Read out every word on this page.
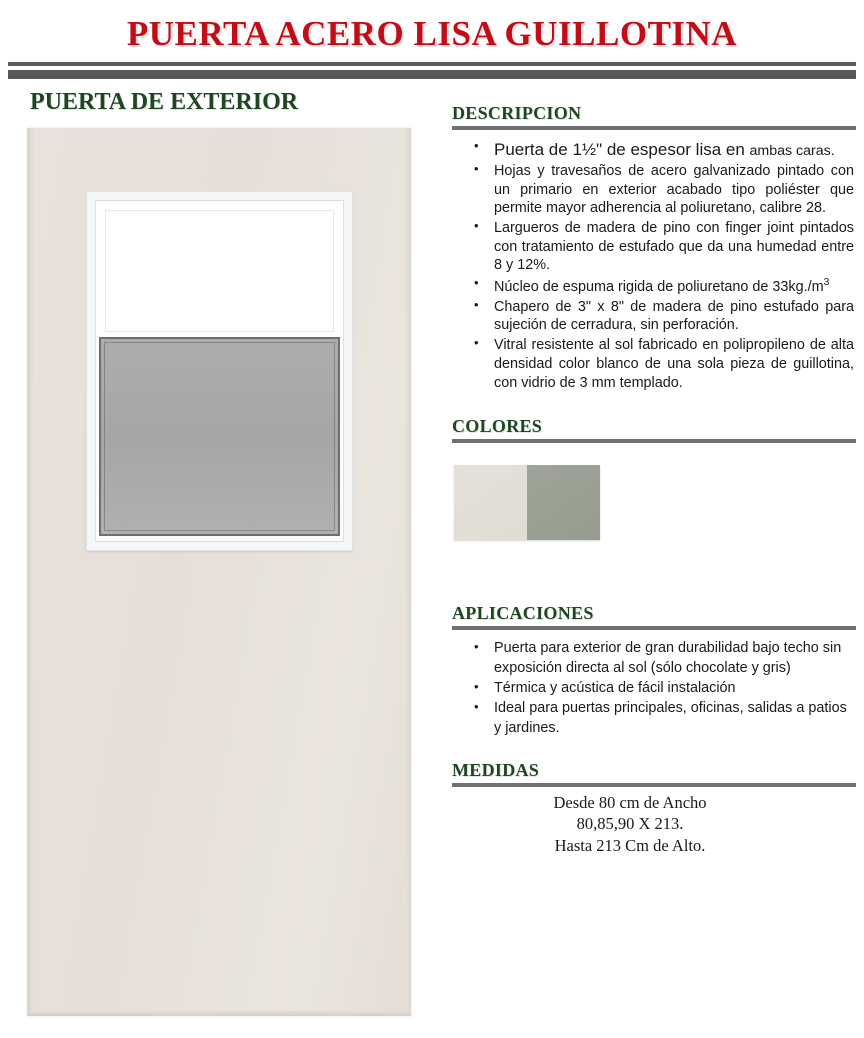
PUERTA ACERO LISA GUILLOTINA
PUERTA DE EXTERIOR	DESCRIPCION
• Puerta de 1½" de espesor lisa en ambas caras.
• Hojas y travesaños de acero galvanizado pintado con un primario en exterior acabado tipo poliéster que permite mayor adherencia al poliuretano, calibre 28.
• Largueros de madera de pino con finger joint pintados con tratamiento de estufado que da una humedad entre 8 y 12%.
• Núcleo de espuma rigida de poliuretano de $33kg./m^3$
• Chapero de 3" x 8" de madera de pino estufado para sujeción de cerradura, sin perforación.
• Vitral resistente al sol fabricado en polipropileno de alta densidad color blanco de una sola pieza de guillotina, con vidrio de 3 mm templado.
COLORES
APLICACIONES
• Puerta para exterior de gran durabilidad bajo techo sin exposición directa al sol (sólo chocolate y gris)
• Térmica y acústica de fácil instalación
• Ideal para puertas principales, oficinas, salidas a patios y jardines.
MEDIDAS
Desde 80 cm de Ancho
80,85,90 X 213.
Hasta 213 Cm de Alto.
